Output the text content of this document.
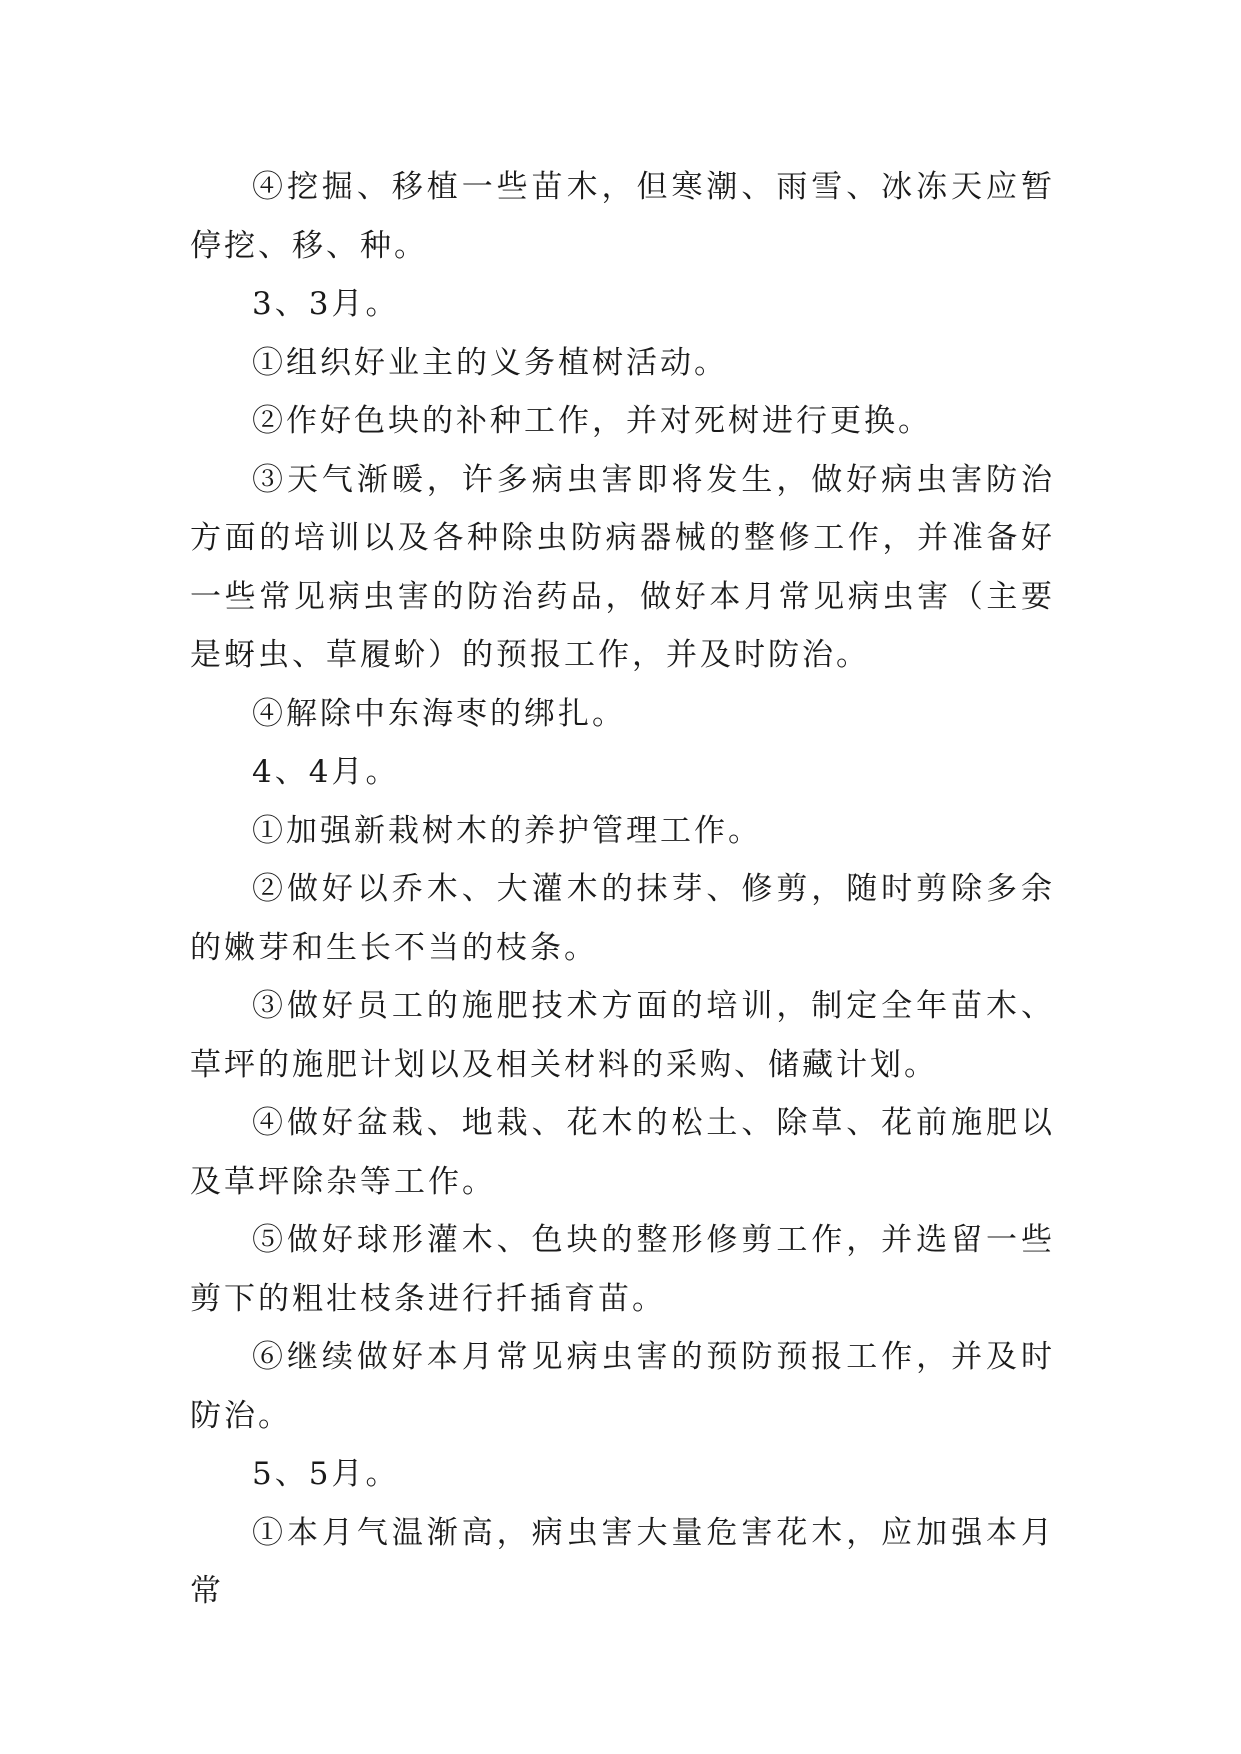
④挖掘、移植一些苗木，但寒潮、雨雪、冰冻天应暂停挖、移、种。

3、3月。

①组织好业主的义务植树活动。

②作好色块的补种工作，并对死树进行更换。

③天气渐暖，许多病虫害即将发生，做好病虫害防治方面的培训以及各种除虫防病器械的整修工作，并准备好一些常见病虫害的防治药品，做好本月常见病虫害（主要是蚜虫、草履蚧）的预报工作，并及时防治。

④解除中东海枣的绑扎。

4、4月。

①加强新栽树木的养护管理工作。

②做好以乔木、大灌木的抹芽、修剪，随时剪除多余的嫩芽和生长不当的枝条。

③做好员工的施肥技术方面的培训，制定全年苗木、草坪的施肥计划以及相关材料的采购、储藏计划。

④做好盆栽、地栽、花木的松土、除草、花前施肥以及草坪除杂等工作。

⑤做好球形灌木、色块的整形修剪工作，并选留一些剪下的粗壮枝条进行扦插育苗。

⑥继续做好本月常见病虫害的预防预报工作，并及时防治。

5、5月。

①本月气温渐高，病虫害大量危害花木，应加强本月常
